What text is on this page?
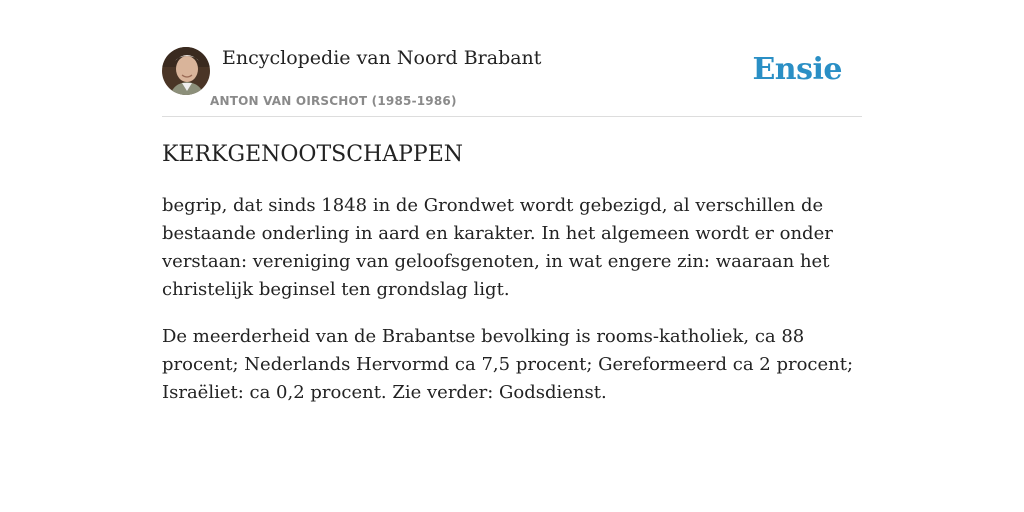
Encyclopedie van Noord Brabant
ANTON VAN OIRSCHOT (1985-1986)
Ensie
KERKGENOOTSCHAPPEN

begrip, dat sinds 1848 in de Grondwet wordt gebezigd, al verschillen de bestaande onderling in aard en karakter. In het algemeen wordt er onder verstaan: vereniging van geloofsgenoten, in wat engere zin: waaraan het christelijk beginsel ten grondslag ligt.

De meerderheid van de Brabantse bevolking is rooms-katholiek, ca 88 procent; Nederlands Hervormd ca 7,5 procent; Gereformeerd ca 2 procent; Israëliet: ca 0,2 procent. Zie verder: Godsdienst.
